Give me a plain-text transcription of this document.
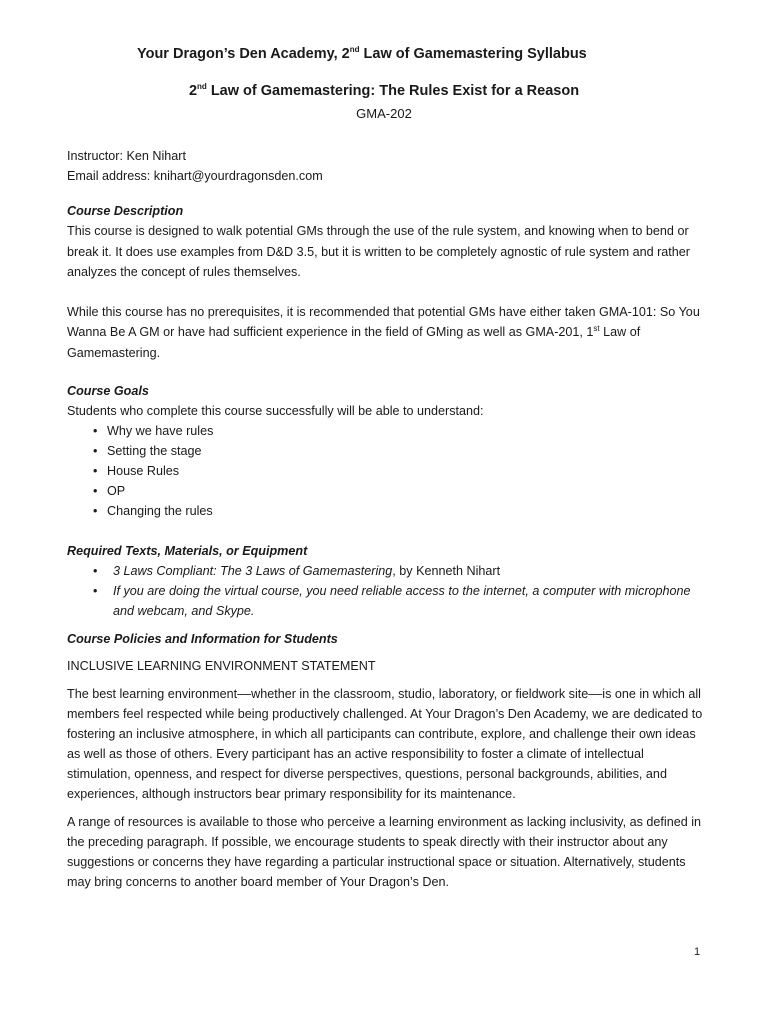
Your Dragon’s Den Academy, 2nd Law of Gamemastering Syllabus
2nd Law of Gamemastering: The Rules Exist for a Reason
GMA-202

Instructor: Ken Nihart

Email address: knihart@yourdragonsden.com

Course Description

This course is designed to walk potential GMs through the use of the rule system, and knowing when to bend or break it. It does use examples from D&D 3.5, but it is written to be completely agnostic of rule system and rather analyzes the concept of rules themselves.

While this course has no prerequisites, it is recommended that potential GMs have either taken GMA-101: So You Wanna Be A GM or have had sufficient experience in the field of GMing as well as GMA-201, 1st Law of Gamemastering.

Course Goals

Students who complete this course successfully will be able to understand:

• Why we have rules
• Setting the stage
• House Rules
• OP
• Changing the rules

Required Texts, Materials, or Equipment

• 3 Laws Compliant: The 3 Laws of Gamemastering, by Kenneth Nihart
• If you are doing the virtual course, you need reliable access to the internet, a computer with microphone and webcam, and Skype.

Course Policies and Information for Students

INCLUSIVE LEARNING ENVIRONMENT STATEMENT

The best learning environment––whether in the classroom, studio, laboratory, or fieldwork site––is one in which all members feel respected while being productively challenged. At Your Dragon’s Den Academy, we are dedicated to fostering an inclusive atmosphere, in which all participants can contribute, explore, and challenge their own ideas as well as those of others. Every participant has an active responsibility to foster a climate of intellectual stimulation, openness, and respect for diverse perspectives, questions, personal backgrounds, abilities, and experiences, although instructors bear primary responsibility for its maintenance.

A range of resources is available to those who perceive a learning environment as lacking inclusivity, as defined in the preceding paragraph. If possible, we encourage students to speak directly with their instructor about any suggestions or concerns they have regarding a particular instructional space or situation. Alternatively, students may bring concerns to another board member of Your Dragon’s Den.

1
